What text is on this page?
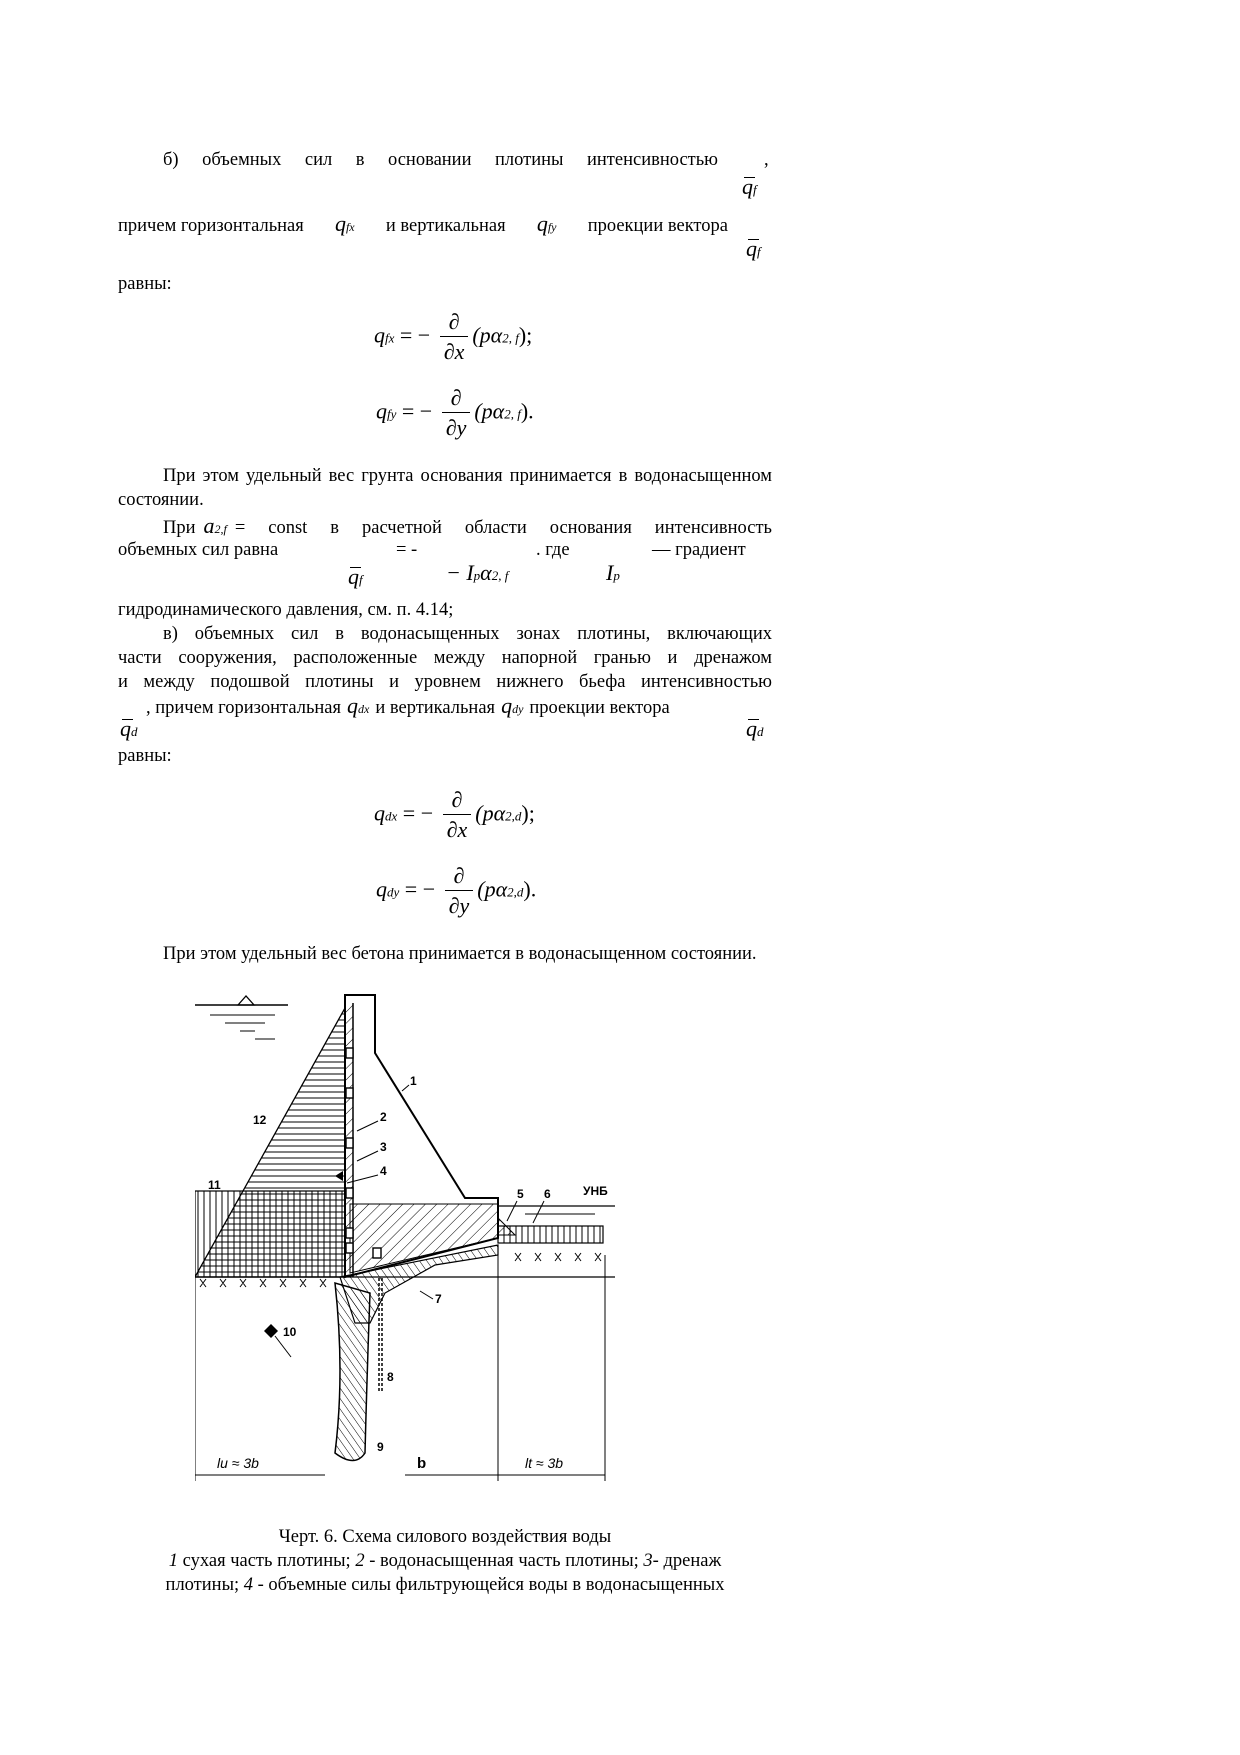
б) объемных сил в основании плотины интенсивностью ,
qf
причем горизонтальная qfx и вертикальная qfy проекции вектора
qf
равны:
qfx = − $\frac{\partial}{\partial x} (p\alpha 2$, f);
qfy = − $\frac{\partial}{\partial y} (p\alpha 2$, f).
При этом удельный вес грунта основания принимается в водонасыщенном состоянии.
При a2,f = const в расчетной области основания интенсивность
объемных сил равна	= -	. где	— градиент
qf	− Ipα2, f	Ip
гидродинамического давления, см. п. 4.14;
в) объемных сил в водонасыщенных зонах плотины, включающих
части сооружения, расположенные между напорной гранью и дренажом
и между подошвой плотины и уровнем нижнего бьефа интенсивностью
, причем горизонтальная qdx и вертикальная qdy проекции вектора
qd	qd
равны:
qdx = − $\frac{\partial}{\partial x} (p\alpha 2,d)$;
qdy = − $\frac{\partial}{\partial y} (p\alpha 2,d)$.
При этом удельный вес бетона принимается в водонасыщенном состоянии.
УНБ
lu ≈ 3b	b	lt ≈ 3b
1
2
3
4
5 6
7
8
9
10
11
12
Черт. 6. Схема силового воздействия воды
1 сухая часть плотины; 2 - водонасыщенная часть плотины; 3- дренаж
плотины; 4 - объемные силы фильтрующейся воды в водонасыщенных
